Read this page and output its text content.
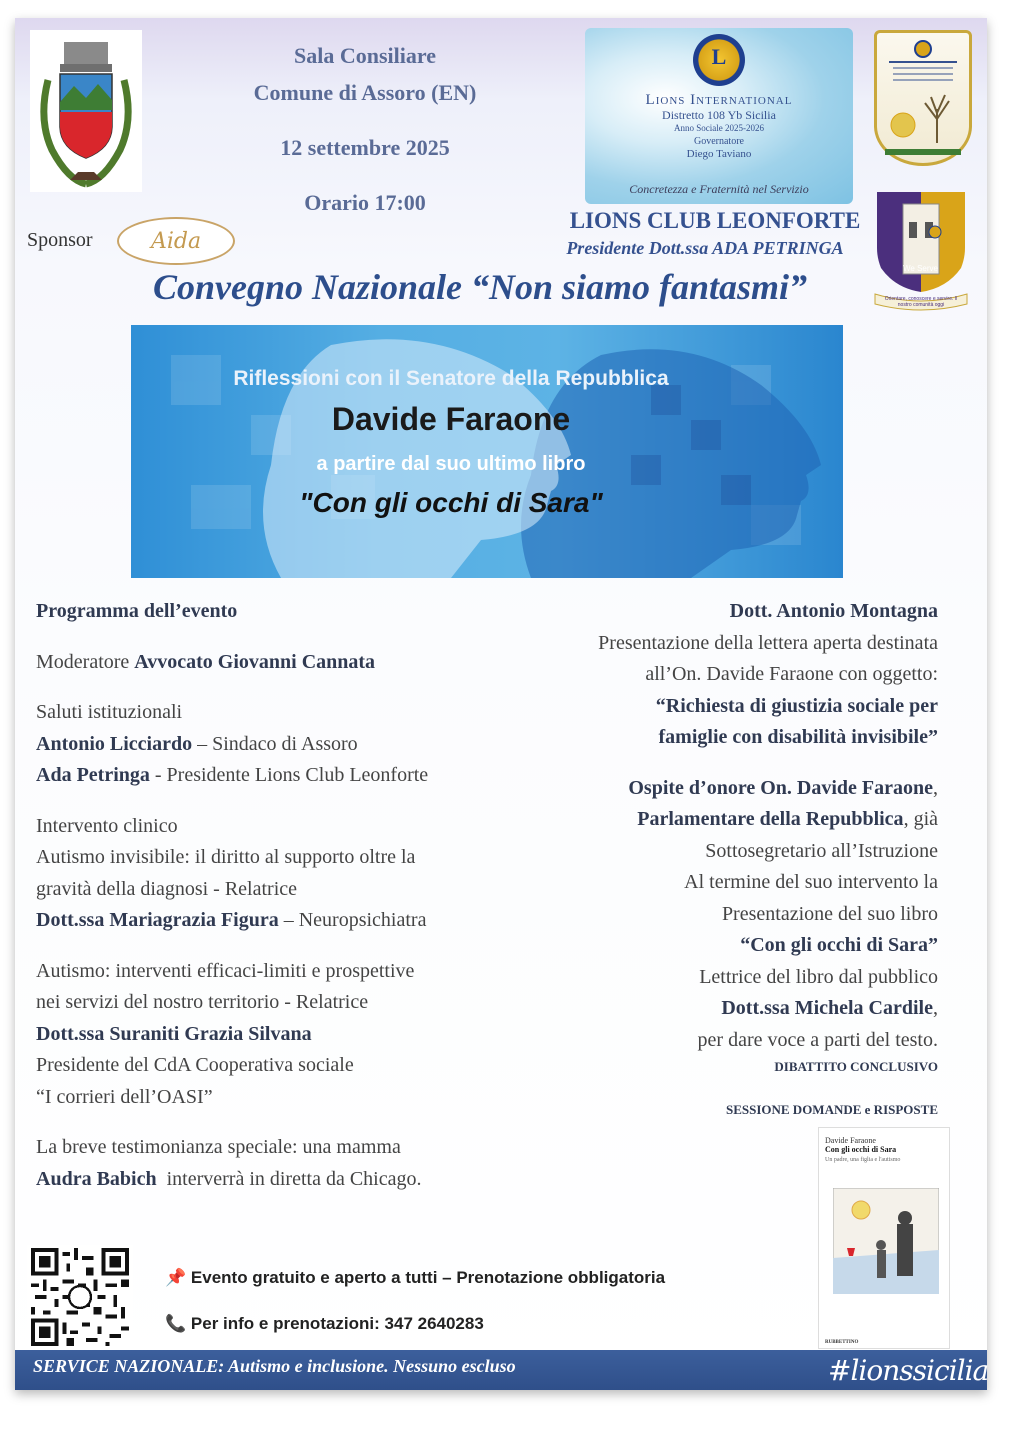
Sala Consiliare
Comune di Assoro (EN)
12 settembre 2025
Orario 17:00
L
Lions International
Distretto 108 Yb Sicilia
Anno Sociale 2025-2026
Governatore
Diego Taviano
Concretezza e Fraternità nel Servizio
Sponsor	Aida
LIONS CLUB LEONFORTE
Presidente Dott.ssa ADA PETRINGA
We Serve
Orientare, conoscere e servire. Il nostro comunità oggi
Convegno Nazionale “Non siamo fantasmi”
Riflessioni con il Senatore della Repubblica
Davide Faraone
a partire dal suo ultimo libro
"Con gli occhi di Sara"
Programma dell’evento
Moderatore Avvocato Giovanni Cannata
Saluti istituzionali
Antonio Licciardo – Sindaco di Assoro
Ada Petringa - Presidente Lions Club Leonforte
Intervento clinico
Autismo invisibile: il diritto al supporto oltre la
gravità della diagnosi - Relatrice
Dott.ssa Mariagrazia Figura – Neuropsichiatra
Autismo: interventi efficaci-limiti e prospettive
nei servizi del nostro territorio - Relatrice
Dott.ssa Suraniti Grazia Silvana
Presidente del CdA Cooperativa sociale
“I corrieri dell’OASI”
La breve testimonianza speciale: una mamma
Audra Babich  interverrà in diretta da Chicago.
Dott. Antonio Montagna
Presentazione della lettera aperta destinata
all’On. Davide Faraone con oggetto:
“Richiesta di giustizia sociale per
famiglie con disabilità invisibile”
Ospite d’onore On. Davide Faraone,
Parlamentare della Repubblica, già
Sottosegretario all’Istruzione
Al termine del suo intervento la
Presentazione del suo libro
“Con gli occhi di Sara”
Lettrice del libro dal pubblico
Dott.ssa Michela Cardile,
per dare voce a parti del testo.
DIBATTITO CONCLUSIVO
SESSIONE DOMANDE e RISPOSTE
Davide Faraone
Con gli occhi di Sara
Un padre, una figlia e l'autismo
RUBBETTINO
📌 Evento gratuito e aperto a tutti – Prenotazione obbligatoria
📞 Per info e prenotazioni: 347 2640283
SERVICE NAZIONALE: Autismo e inclusione. Nessuno escluso	#lionssicilia
